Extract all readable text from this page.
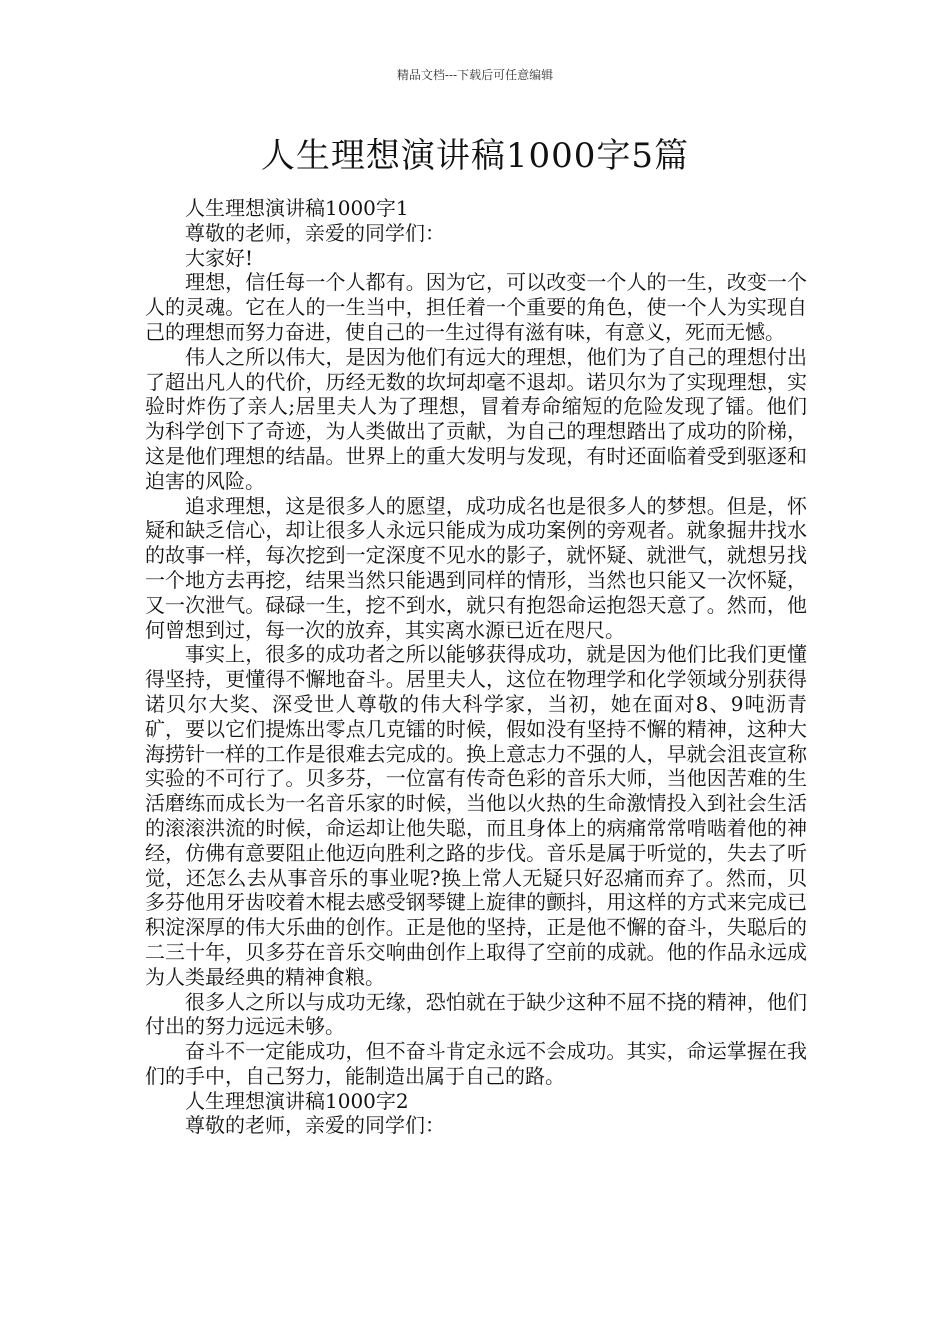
精品文档---下载后可任意编辑
人生理想演讲稿1000字5篇

人生理想演讲稿1000字1

尊敬的老师，亲爱的同学们：

大家好!

理想，信任每一个人都有。因为它，可以改变一个人的一生，改变一个人的灵魂。它在人的一生当中，担任着一个重要的角色，使一个人为实现自己的理想而努力奋进，使自己的一生过得有滋有味，有意义，死而无憾。

伟人之所以伟大，是因为他们有远大的理想，他们为了自己的理想付出了超出凡人的代价，历经无数的坎坷却毫不退却。诺贝尔为了实现理想，实验时炸伤了亲人;居里夫人为了理想，冒着寿命缩短的危险发现了镭。他们为科学创下了奇迹，为人类做出了贡献，为自己的理想踏出了成功的阶梯，这是他们理想的结晶。世界上的重大发明与发现，有时还面临着受到驱逐和迫害的风险。

追求理想，这是很多人的愿望，成功成名也是很多人的梦想。但是，怀疑和缺乏信心，却让很多人永远只能成为成功案例的旁观者。就象掘井找水的故事一样，每次挖到一定深度不见水的影子，就怀疑、就泄气，就想另找一个地方去再挖，结果当然只能遇到同样的情形，当然也只能又一次怀疑，又一次泄气。碌碌一生，挖不到水，就只有抱怨命运抱怨天意了。然而，他何曾想到过，每一次的放弃，其实离水源已近在咫尺。

事实上，很多的成功者之所以能够获得成功，就是因为他们比我们更懂得坚持，更懂得不懈地奋斗。居里夫人，这位在物理学和化学领域分别获得诺贝尔大奖、深受世人尊敬的伟大科学家，当初，她在面对8、9吨沥青矿，要以它们提炼出零点几克镭的时候，假如没有坚持不懈的精神，这种大海捞针一样的工作是很难去完成的。换上意志力不强的人，早就会沮丧宣称实验的不可行了。贝多芬，一位富有传奇色彩的音乐大师，当他因苦难的生活磨练而成长为一名音乐家的时候，当他以火热的生命激情投入到社会生活的滚滚洪流的时候，命运却让他失聪，而且身体上的病痛常常啃啮着他的神经，仿佛有意要阻止他迈向胜利之路的步伐。音乐是属于听觉的，失去了听觉，还怎么去从事音乐的事业呢?换上常人无疑只好忍痛而弃了。然而，贝多芬他用牙齿咬着木棍去感受钢琴键上旋律的颤抖，用这样的方式来完成已积淀深厚的伟大乐曲的创作。正是他的坚持，正是他不懈的奋斗，失聪后的二三十年，贝多芬在音乐交响曲创作上取得了空前的成就。他的作品永远成为人类最经典的精神食粮。

很多人之所以与成功无缘，恐怕就在于缺少这种不屈不挠的精神，他们付出的努力远远未够。

奋斗不一定能成功，但不奋斗肯定永远不会成功。其实，命运掌握在我们的手中，自己努力，能制造出属于自己的路。

人生理想演讲稿1000字2

尊敬的老师，亲爱的同学们：
